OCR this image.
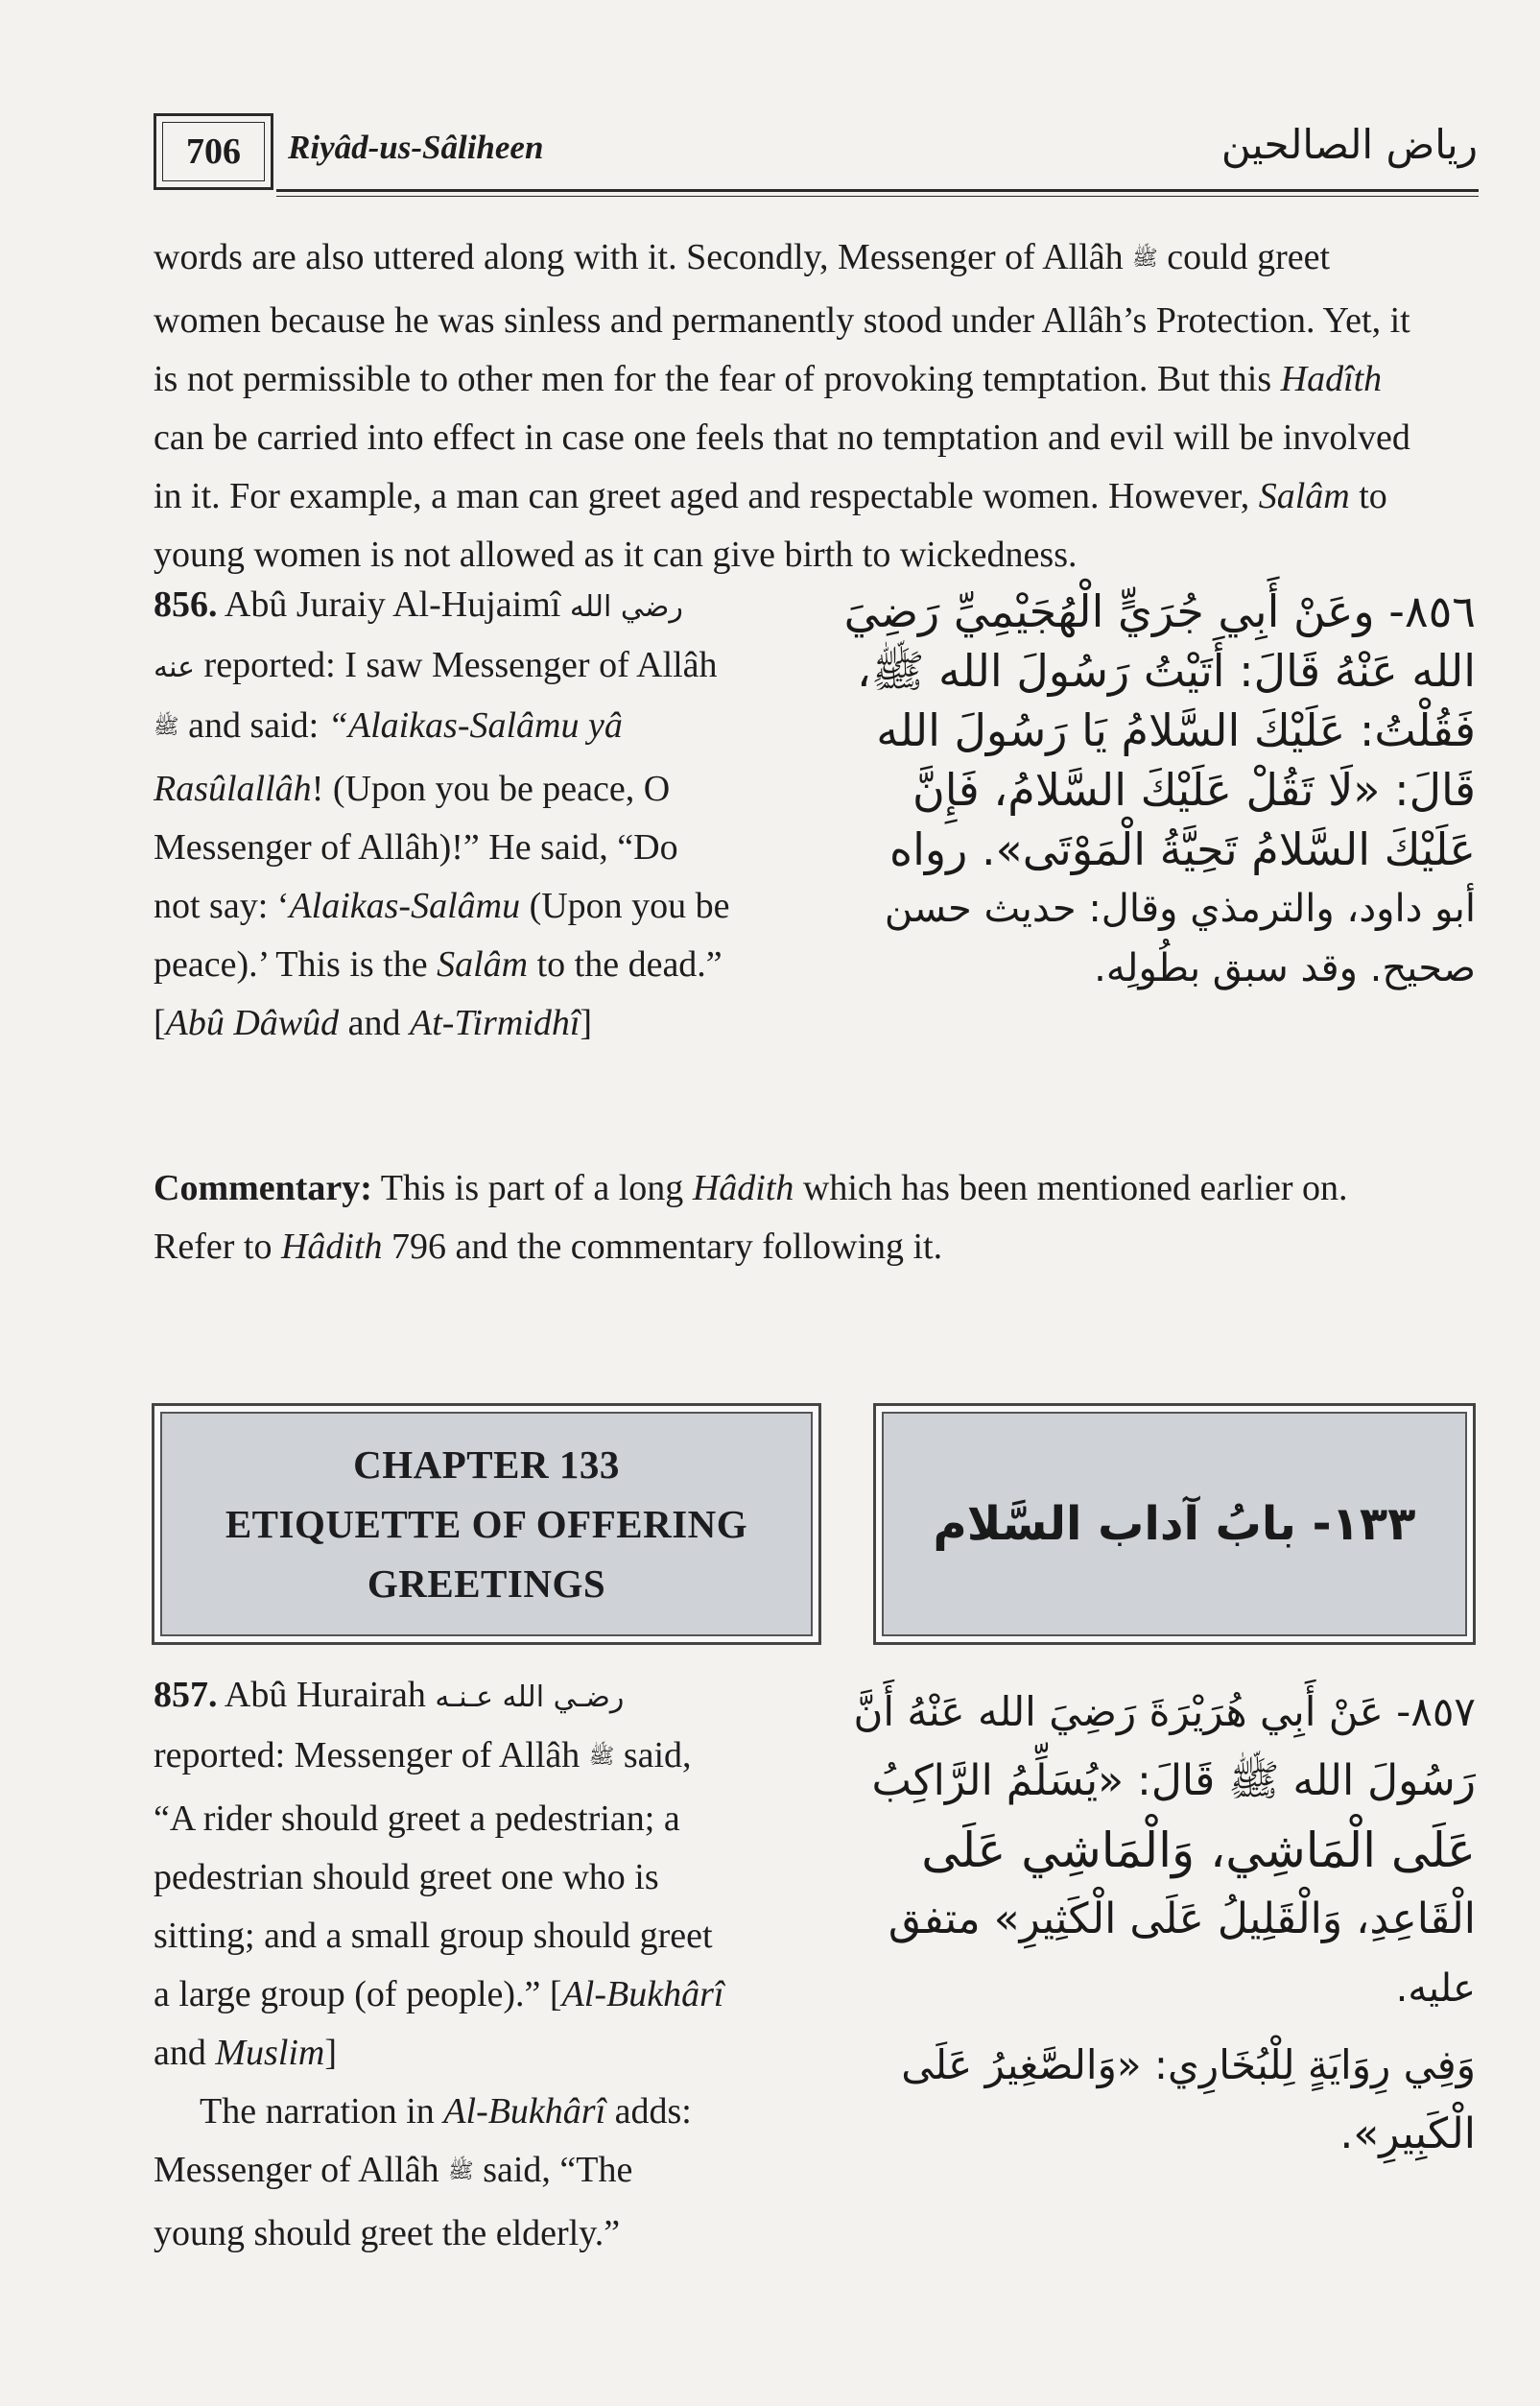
706	Riyâd-us-Sâliheen	رياض الصالحين
words are also uttered along with it. Secondly, Messenger of Allâh ﷺ could greet
women because he was sinless and permanently stood under Allâh’s Protection. Yet, it
is not permissible to other men for the fear of provoking temptation. But this Hadîth
can be carried into effect in case one feels that no temptation and evil will be involved
in it. For example, a man can greet aged and respectable women. However, Salâm to
young women is not allowed as it can give birth to wickedness.
856. Abû Juraiy Al-Hujaimî رضي الله
عنه reported: I saw Messenger of Allâh
ﷺ and said: “Alaikas-Salâmu yâ
Rasûlallâh! (Upon you be peace, O
Messenger of Allâh)!” He said, “Do
not say: ‘Alaikas-Salâmu (Upon you be
peace).’ This is the Salâm to the dead.”
[Abû Dâwûd and At-Tirmidhî]
٨٥٦- وعَنْ أَبِي جُرَيٍّ الْهُجَيْمِيِّ رَضِيَ
الله عَنْهُ قَالَ: أَتَيْتُ رَسُولَ الله ﷺ،
فَقُلْتُ: عَلَيْكَ السَّلامُ يَا رَسُولَ الله
قَالَ: «لَا تَقُلْ عَلَيْكَ السَّلامُ، فَإِنَّ
عَلَيْكَ السَّلامُ تَحِيَّةُ الْمَوْتَى». رواه
أبو داود، والترمذي وقال: حديث حسن
صحيح. وقد سبق بطُولِه.
Commentary: This is part of a long Hâdith which has been mentioned earlier on.
Refer to Hâdith 796 and the commentary following it.
CHAPTER 133
ETIQUETTE OF OFFERING
GREETINGS
١٣٣- بابُ آداب السَّلام
857. Abû Hurairah رضـي الله عـنـه
reported: Messenger of Allâh ﷺ said,
“A rider should greet a pedestrian; a
pedestrian should greet one who is
sitting; and a small group should greet
a large group (of people).” [Al-Bukhârî
and Muslim]
The narration in Al-Bukhârî adds:
Messenger of Allâh ﷺ said, “The
young should greet the elderly.”
٨٥٧- عَنْ أَبِي هُرَيْرَةَ رَضِيَ الله عَنْهُ أَنَّ
رَسُولَ الله ﷺ قَالَ: «يُسَلِّمُ الرَّاكِبُ
عَلَى الْمَاشِي، وَالْمَاشِي عَلَى
الْقَاعِدِ، وَالْقَلِيلُ عَلَى الْكَثِيرِ» متفق
عليه.
وَفِي رِوَايَةٍ لِلْبُخَارِي: «وَالصَّغِيرُ عَلَى
الْكَبِيرِ».
